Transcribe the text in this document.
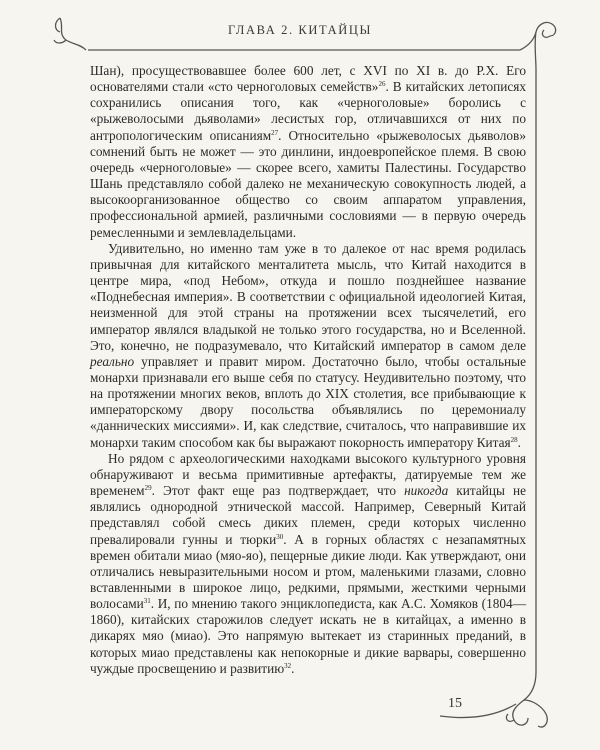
ГЛАВА 2. КИТАЙЦЫ

Шан), просуществовавшее более 600 лет, с XVI по XI в. до Р.Х. Его основателями стали «сто черноголовых семейств»$^{26}$. В китайских летописях сохранились описания того, как «черноголовые» боролись с «рыжеволосыми дьяволами» лесистых гор, отличавшихся от них по антропологическим описаниям$^{27}$. Относительно «рыжеволосых дьяволов» сомнений быть не может — это динлини, индоевропейское племя. В свою очередь «черноголовые» — скорее всего, хамиты Палестины. Государство Шань представляло собой далеко не механическую совокупность людей, а высокоорганизованное общество со своим аппаратом управления, профессиональной армией, различными сословиями — в первую очередь ремесленными и землевладельцами.

Удивительно, но именно там уже в то далекое от нас время родилась привычная для китайского менталитета мысль, что Китай находится в центре мира, «под Небом», откуда и пошло позднейшее название «Поднебесная империя». В соответствии с официальной идеологией Китая, неизменной для этой страны на протяжении всех тысячелетий, его император являлся владыкой не только этого государства, но и Вселенной. Это, конечно, не подразумевало, что Китайский император в самом деле реально управляет и правит миром. Достаточно было, чтобы остальные монархи признавали его выше себя по статусу. Неудивительно поэтому, что на протяжении многих веков, вплоть до XIX столетия, все прибывающие к императорскому двору посольства объявлялись по церемониалу «даннических миссиями». И, как следствие, считалось, что направившие их монархи таким способом как бы выражают покорность императору Китая$^{28}$.

Но рядом с археологическими находками высокого культурного уровня обнаруживают и весьма примитивные артефакты, датируемые тем же временем$^{29}$. Этот факт еще раз подтверждает, что никогда китайцы не являлись однородной этнической массой. Например, Северный Китай представлял собой смесь диких племен, среди которых численно превалировали гунны и тюрки$^{30}$. А в горных областях с незапамятных времен обитали миао (мяо-яо), пещерные дикие люди. Как утверждают, они отличались невыразительными носом и ртом, маленькими глазами, словно вставленными в широкое лицо, редкими, прямыми, жесткими черными волосами$^{31}$. И, по мнению такого энциклопедиста, как А.С. Хомяков (1804—1860), китайских старожилов следует искать не в китайцах, а именно в дикарях мяо (миао). Это напрямую вытекает из старинных преданий, в которых миао представлены как непокорные и дикие варвары, совершенно чуждые просвещению и развитию$^{32}$.

15
